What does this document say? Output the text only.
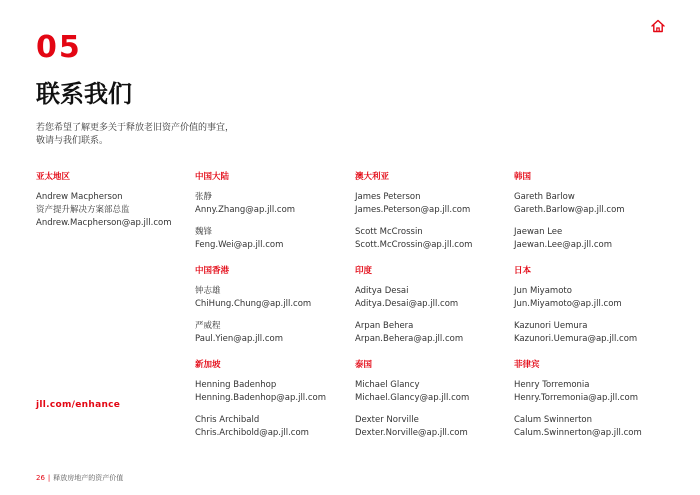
05
联系我们
若您希望了解更多关于释放老旧资产价值的事宜，
敬请与我们联系。
亚太地区
Andrew Macpherson
资产提升解决方案部总监
Andrew.Macpherson@ap.jll.com
中国大陆
张静
Anny.Zhang@ap.jll.com
魏锋
Feng.Wei@ap.jll.com
中国香港
钟志雄
ChiHung.Chung@ap.jll.com
严威程
Paul.Yien@ap.jll.com
新加坡
Henning Badenhop
Henning.Badenhop@ap.jll.com
Chris Archibald
Chris.Archibold@ap.jll.com
澳大利亚
James Peterson
James.Peterson@ap.jll.com
Scott McCrossin
Scott.McCrossin@ap.jll.com
印度
Aditya Desai
Aditya.Desai@ap.jll.com
Arpan Behera
Arpan.Behera@ap.jll.com
泰国
Michael Glancy
Michael.Glancy@ap.jll.com
Dexter Norville
Dexter.Norville@ap.jll.com
韩国
Gareth Barlow
Gareth.Barlow@ap.jll.com
Jaewan Lee
Jaewan.Lee@ap.jll.com
日本
Jun Miyamoto
Jun.Miyamoto@ap.jll.com
Kazunori Uemura
Kazunori.Uemura@ap.jll.com
菲律宾
Henry Torremonia
Henry.Torremonia@ap.jll.com
Calum Swinnerton
Calum.Swinnerton@ap.jll.com
jll.com/enhance
26 | 释放房地产的资产价值
